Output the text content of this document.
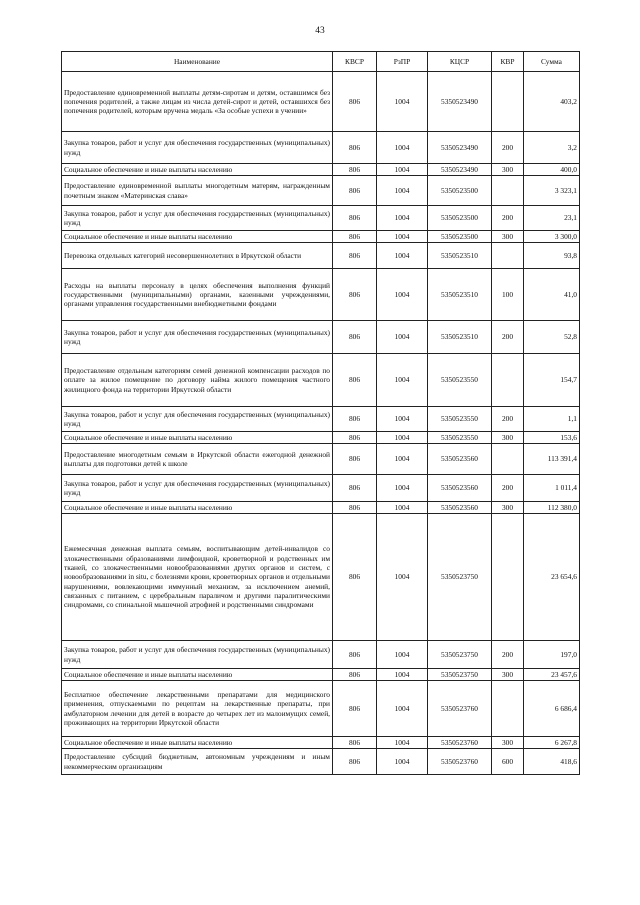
43
Наименование	КВСР	РзПР	КЦСР	КВР	Сумма
Предоставление единовременной выплаты детям-сиротам и детям, оставшимся без попечения родителей, а также лицам из числа детей-сирот и детей, оставшихся без попечения родителей, которым вручена медаль «За особые успехи в учении»	806	1004	5350523490		403,2
Закупка товаров, работ и услуг для обеспечения государственных (муниципальных) нужд	806	1004	5350523490	200	3,2
Социальное обеспечение и иные выплаты населению	806	1004	5350523490	300	400,0
Предоставление единовременной выплаты многодетным матерям, награжденным почетным знаком «Материнская слава»	806	1004	5350523500		3 323,1
Закупка товаров, работ и услуг для обеспечения государственных (муниципальных) нужд	806	1004	5350523500	200	23,1
Социальное обеспечение и иные выплаты населению	806	1004	5350523500	300	3 300,0
Перевозка отдельных категорий несовершеннолетних в Иркутской области	806	1004	5350523510		93,8
Расходы на выплаты персоналу в целях обеспечения выполнения функций государственными (муниципальными) органами, казенными учреждениями, органами управления государственными внебюджетными фондами	806	1004	5350523510	100	41,0
Закупка товаров, работ и услуг для обеспечения государственных (муниципальных) нужд	806	1004	5350523510	200	52,8
Предоставление отдельным категориям семей денежной компенсации расходов по оплате за жилое помещение по договору найма жилого помещения частного жилищного фонда на территории Иркутской области	806	1004	5350523550		154,7
Закупка товаров, работ и услуг для обеспечения государственных (муниципальных) нужд	806	1004	5350523550	200	1,1
Социальное обеспечение и иные выплаты населению	806	1004	5350523550	300	153,6
Предоставление многодетным семьям в Иркутской области ежегодной денежной выплаты для подготовки детей к школе	806	1004	5350523560		113 391,4
Закупка товаров, работ и услуг для обеспечения государственных (муниципальных) нужд	806	1004	5350523560	200	1 011,4
Социальное обеспечение и иные выплаты населению	806	1004	5350523560	300	112 380,0
Ежемесячная денежная выплата семьям, воспитывающим детей-инвалидов со злокачественными образованиями лимфоидной, кроветворной и родственных им тканей, со злокачественными новообразованиями других органов и систем, с новообразованиями in situ, с болезнями крови, кроветворных органов и отдельными нарушениями, вовлекающими иммунный механизм, за исключением анемий, связанных с питанием, с церебральным параличом и другими паралитическими синдромами, со спинальной мышечной атрофией и родственными синдромами	806	1004	5350523750		23 654,6
Закупка товаров, работ и услуг для обеспечения государственных (муниципальных) нужд	806	1004	5350523750	200	197,0
Социальное обеспечение и иные выплаты населению	806	1004	5350523750	300	23 457,6
Бесплатное обеспечение лекарственными препаратами для медицинского применения, отпускаемыми по рецептам на лекарственные препараты, при амбулаторном лечении для детей в возрасте до четырех лет из малоимущих семей, проживающих на территории Иркутской области	806	1004	5350523760		6 686,4
Социальное обеспечение и иные выплаты населению	806	1004	5350523760	300	6 267,8
Предоставление субсидий бюджетным, автономным учреждениям и иным некоммерческим организациям	806	1004	5350523760	600	418,6
